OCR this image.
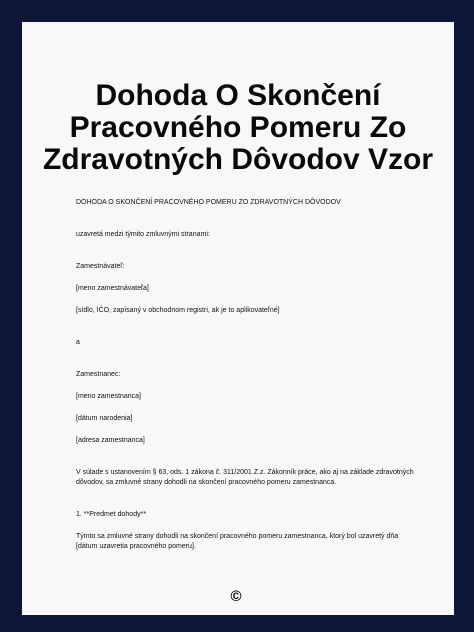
Dohoda O Skončení
Pracovného Pomeru Zo
Zdravotných Dôvodov Vzor
DOHODA O SKONČENÍ PRACOVNÉHO POMERU ZO ZDRAVOTNÝCH DÔVODOV
uzavretá medzi týmito zmluvnými stranami:
Zamestnávateľ:
[meno zamestnávateľa]
[sídlo, IČO, zapísaný v obchodnom registri, ak je to aplikovateľné]
a
Zamestnanec:
[meno zamestnanca]
[dátum narodenia]
[adresa zamestnanca]
V súlade s ustanovením § 63, ods. 1 zákona č. 311/2001 Z.z. Zákonník práce, ako aj na základe zdravotných
dôvodov, sa zmluvné strany dohodli na skončení pracovného pomeru zamestnanca.
1. **Predmet dohody**
Týmto sa zmluvné strany dohodli na skončení pracovného pomeru zamestnanca, ktorý bol uzavretý dňa
[dátum uzavretia pracovného pomeru].
©
